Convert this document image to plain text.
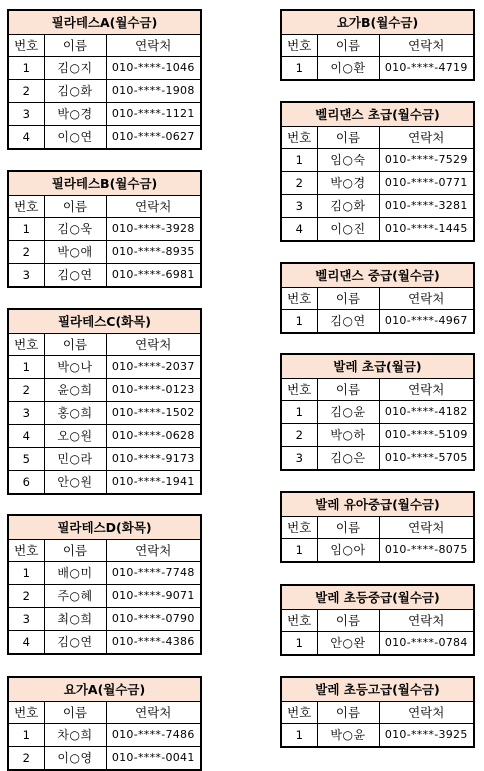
필라테스A(월수금)		
번호	이름	연락처
1	김○지	010-****-1046
2	김○화	010-****-1908
3	박○경	010-****-1121
4	이○연	010-****-0627
필라테스B(월수금)		
번호	이름	연락처
1	김○욱	010-****-3928
2	박○애	010-****-8935
3	김○연	010-****-6981
필라테스C(화목)		
번호	이름	연락처
1	박○나	010-****-2037
2	윤○희	010-****-0123
3	홍○희	010-****-1502
4	오○원	010-****-0628
5	민○라	010-****-9173
6	안○원	010-****-1941
필라테스D(화목)		
번호	이름	연락처
1	배○미	010-****-7748
2	주○혜	010-****-9071
3	최○희	010-****-0790
4	김○연	010-****-4386
요가A(월수금)		
번호	이름	연락처
1	차○희	010-****-7486
2	이○영	010-****-0041
요가B(월수금)		
번호	이름	연락처
1	이○환	010-****-4719
벨리댄스 초급(월수금)		
번호	이름	연락처
1	임○숙	010-****-7529
2	박○경	010-****-0771
3	김○화	010-****-3281
4	이○진	010-****-1445
벨리댄스 중급(월수금)		
번호	이름	연락처
1	김○연	010-****-4967
발레 초급(월금)		
번호	이름	연락처
1	김○윤	010-****-4182
2	박○하	010-****-5109
3	김○은	010-****-5705
발레 유아중급(월수금)		
번호	이름	연락처
1	임○아	010-****-8075
발레 초등중급(월수금)		
번호	이름	연락처
1	안○완	010-****-0784
발레 초등고급(월수금)		
번호	이름	연락처
1	박○윤	010-****-3925
